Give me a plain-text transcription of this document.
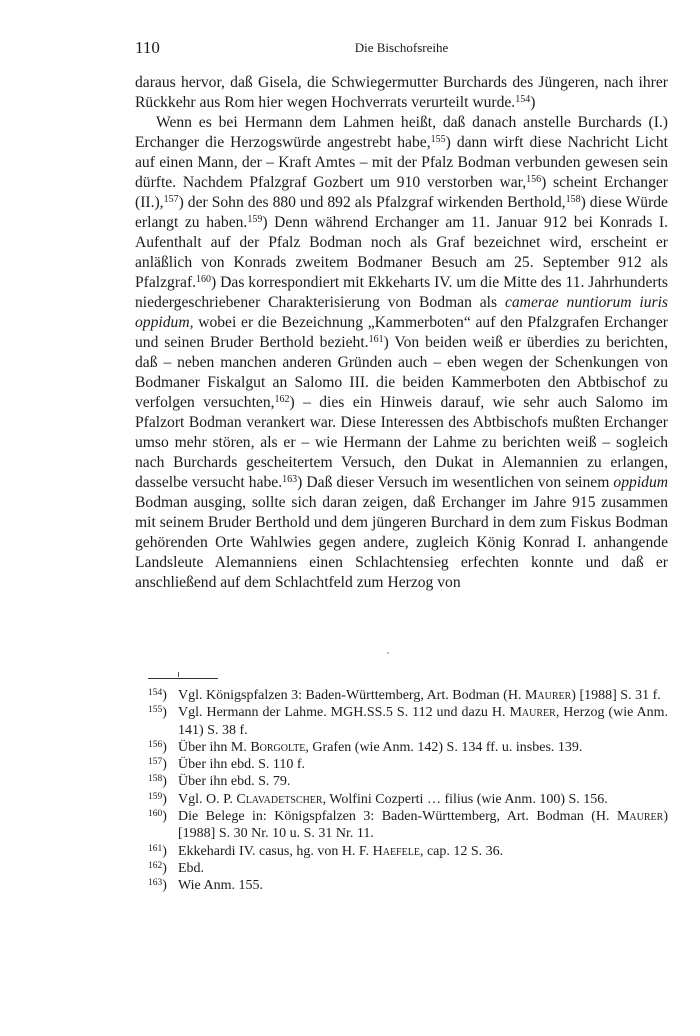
110	Die Bischofsreihe

daraus hervor, daß Gisela, die Schwiegermutter Burchards des Jüngeren, nach ihrer Rückkehr aus Rom hier wegen Hochverrats verurteilt wurde.$^{154}$)

Wenn es bei Hermann dem Lahmen heißt, daß danach anstelle Burchards (I.) Erchanger die Herzogswürde angestrebt habe,$^{155}$) dann wirft diese Nachricht Licht auf einen Mann, der – Kraft Amtes – mit der Pfalz Bodman verbunden gewesen sein dürfte. Nachdem Pfalzgraf Gozbert um 910 verstorben war,$^{156}$) scheint Erchanger (II.),$^{157}$) der Sohn des 880 und 892 als Pfalzgraf wirkenden Berthold,$^{158}$) diese Würde erlangt zu haben.$^{159}$) Denn während Erchanger am 11. Januar 912 bei Konrads I. Aufenthalt auf der Pfalz Bodman noch als Graf bezeichnet wird, erscheint er anläßlich von Konrads zweitem Bodmaner Besuch am 25. September 912 als Pfalzgraf.$^{160}$) Das korrespondiert mit Ekkeharts IV. um die Mitte des 11. Jahrhunderts niedergeschriebener Charakterisierung von Bodman als camerae nuntiorum iuris oppidum, wobei er die Bezeichnung „Kammerboten“ auf den Pfalzgrafen Erchanger und seinen Bruder Berthold bezieht.$^{161}$) Von beiden weiß er überdies zu berichten, daß – neben manchen anderen Gründen auch – eben wegen der Schenkungen von Bodmaner Fiskalgut an Salomo III. die beiden Kammerboten den Abtbischof zu verfolgen versuchten,$^{162}$) – dies ein Hinweis darauf, wie sehr auch Salomo im Pfalzort Bodman verankert war. Diese Interessen des Abtbischofs mußten Erchanger umso mehr stören, als er – wie Hermann der Lahme zu berichten weiß – sogleich nach Burchards gescheitertem Versuch, den Dukat in Alemannien zu erlangen, dasselbe versucht habe.$^{163}$) Daß dieser Versuch im wesentlichen von seinem oppidum Bodman ausging, sollte sich daran zeigen, daß Erchanger im Jahre 915 zusammen mit seinem Bruder Berthold und dem jüngeren Burchard in dem zum Fiskus Bodman gehörenden Orte Wahlwies gegen andere, zugleich König Konrad I. anhangende Landsleute Alemanniens einen Schlachtensieg erfechten konnte und daß er anschließend auf dem Schlachtfeld zum Herzog von

$^{154}$) Vgl. Königspfalzen 3: Baden-Württemberg, Art. Bodman (H. Maurer) [1988] S. 31 f.
$^{155}$) Vgl. Hermann der Lahme. MGH.SS.5 S. 112 und dazu H. Maurer, Herzog (wie Anm. 141) S. 38 f.
$^{156}$) Über ihn M. Borgolte, Grafen (wie Anm. 142) S. 134 ff. u. insbes. 139.
$^{157}$) Über ihn ebd. S. 110 f.
$^{158}$) Über ihn ebd. S. 79.
$^{159}$) Vgl. O. P. Clavadetscher, Wolfini Cozperti … filius (wie Anm. 100) S. 156.
$^{160}$) Die Belege in: Königspfalzen 3: Baden-Württemberg, Art. Bodman (H. Maurer) [1988] S. 30 Nr. 10 u. S. 31 Nr. 11.
$^{161}$) Ekkehardi IV. casus, hg. von H. F. Haefele, cap. 12 S. 36.
$^{162}$) Ebd.
$^{163}$) Wie Anm. 155.
